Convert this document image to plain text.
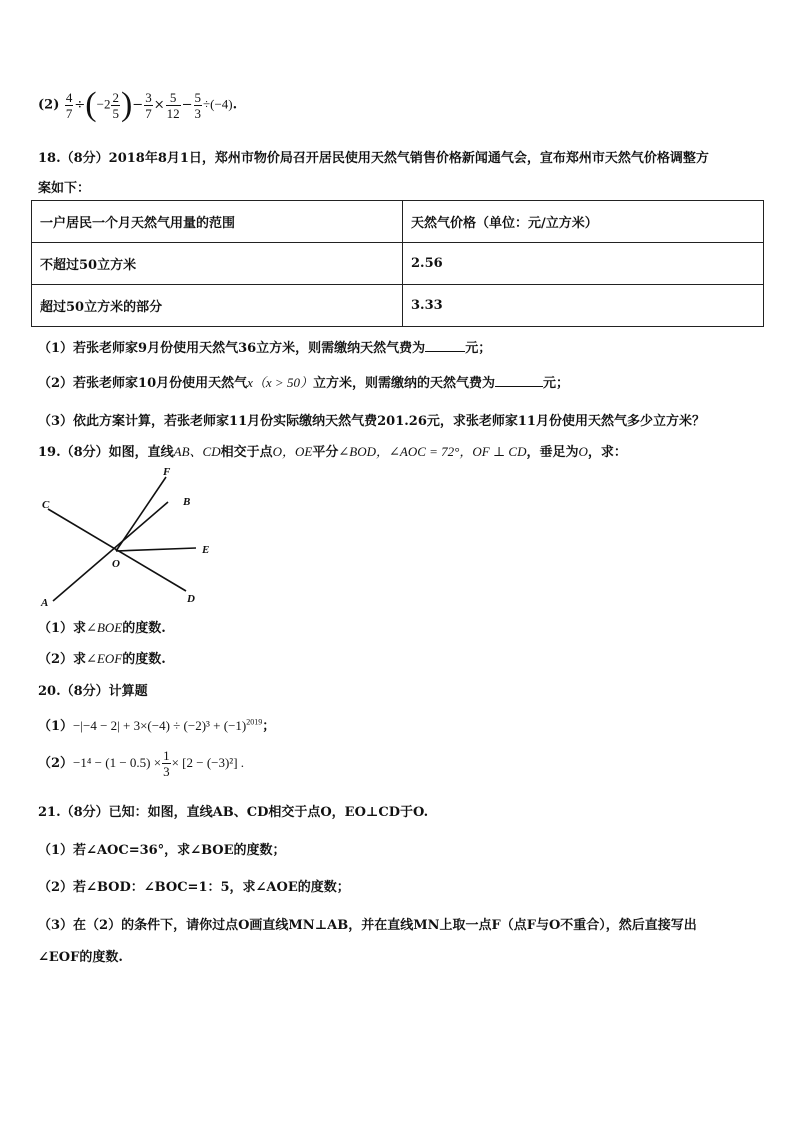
$(2) \frac{4}{7} \div(-2 \frac{2}{5}$ )− $\frac{3}{7} \times \frac{5}{12} - \frac{5}{3} \div(-4)$.
18.（8分）2018年8月1日，郑州市物价局召开居民使用天然气销售价格新闻通气会，宣布郑州市天然气价格调整方
案如下：
一户居民一个月天然气用量的范围	天然气价格（单位：元/立方米）
不超过50立方米	2.56
超过50立方米的部分	3.33
（1）若张老师家9月份使用天然气36立方米，则需缴纳天然气费为	元；
（2）若张老师家10月份使用天然气x（x > 50）立方米，则需缴纳的天然气费为	元；
（3）依此方案计算，若张老师家11月份实际缴纳天然气费201.26元，求张老师家11月份使用天然气多少立方米？
19.（8分）如图，直线AB、CD相交于点O，OE平分∠BOD，∠AOC = 72°，OF ⊥ CD，垂足为O，求：
F
B
C
E
O
A	D
（1）求∠BOE的度数.
（2）求∠EOF的度数.
20.（8分）计算题
$(1)-|-4 - 2| + 3\times(-4) \div (-2)^3 + (-1)^{2019}$；
$(2)-1^4 - (1 - 0.5) \times \frac{1}{3} \times [2 - (-3)^2]$ .
21.（8分）已知：如图，直线AB、CD相交于点O，EO⊥CD于O.
（1）若∠AOC=36°，求∠BOE的度数；
（2）若∠BOD：∠BOC=1：5，求∠AOE的度数；
（3）在（2）的条件下，请你过点O画直线MN⊥AB，并在直线MN上取一点F（点F与O不重合），然后直接写出
∠EOF的度数.
